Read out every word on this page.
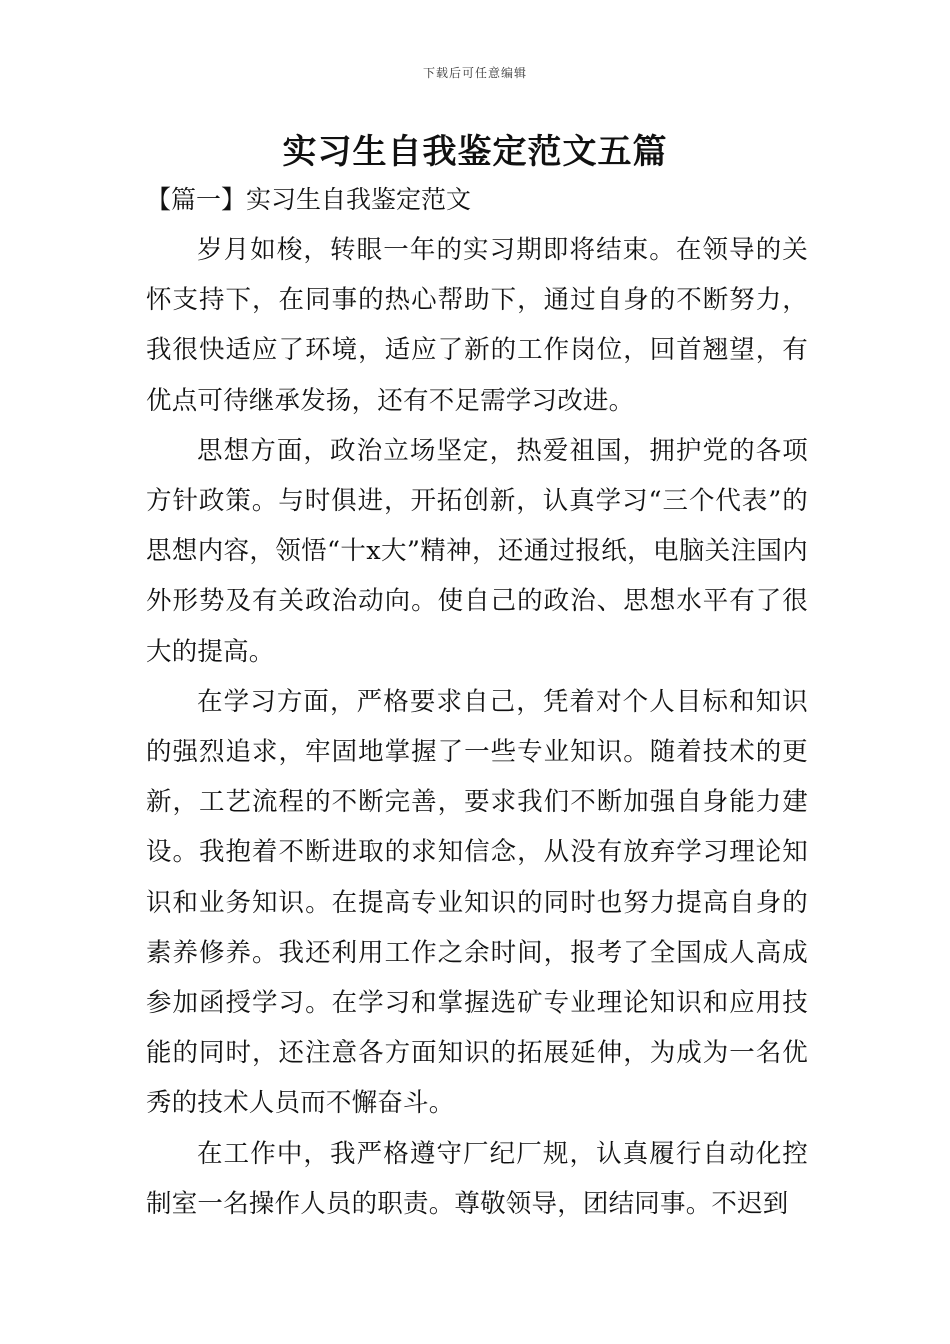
下载后可任意编辑
实习生自我鉴定范文五篇
【篇一】实习生自我鉴定范文

岁月如梭，转眼一年的实习期即将结束。在领导的关怀支持下，在同事的热心帮助下，通过自身的不断努力，我很快适应了环境，适应了新的工作岗位，回首翘望，有优点可待继承发扬，还有不足需学习改进。

思想方面，政治立场坚定，热爱祖国，拥护党的各项方针政策。与时俱进，开拓创新，认真学习“三个代表”的思想内容，领悟“十x大”精神，还通过报纸，电脑关注国内外形势及有关政治动向。使自己的政治、思想水平有了很大的提高。

在学习方面，严格要求自己，凭着对个人目标和知识的强烈追求，牢固地掌握了一些专业知识。随着技术的更新，工艺流程的不断完善，要求我们不断加强自身能力建设。我抱着不断进取的求知信念，从没有放弃学习理论知识和业务知识。在提高专业知识的同时也努力提高自身的素养修养。我还利用工作之余时间，报考了全国成人高成参加函授学习。在学习和掌握选矿专业理论知识和应用技能的同时，还注意各方面知识的拓展延伸，为成为一名优秀的技术人员而不懈奋斗。

在工作中，我严格遵守厂纪厂规，认真履行自动化控制室一名操作人员的职责。尊敬领导，团结同事。不迟到
